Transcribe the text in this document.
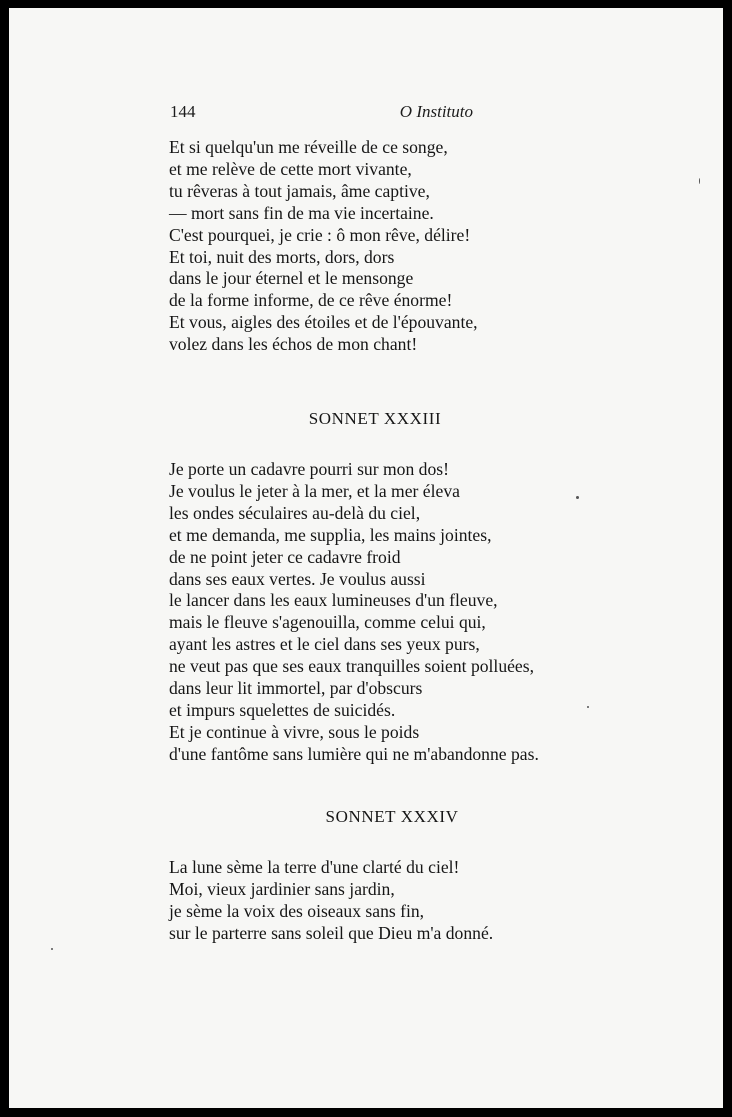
144	O Instituto
Et si quelqu'un me réveille de ce songe,
et me relève de cette mort vivante,
tu rêveras à tout jamais, âme captive,
— mort sans fin de ma vie incertaine.
C'est pourquei, je crie : ô mon rêve, délire!
Et toi, nuit des morts, dors, dors
dans le jour éternel et le mensonge
de la forme informe, de ce rêve énorme!
Et vous, aigles des étoiles et de l'épouvante,
volez dans les échos de mon chant!
SONNET XXXIII
Je porte un cadavre pourri sur mon dos!
Je voulus le jeter à la mer, et la mer éleva
les ondes séculaires au-delà du ciel,
et me demanda, me supplia, les mains jointes,
de ne point jeter ce cadavre froid
dans ses eaux vertes. Je voulus aussi
le lancer dans les eaux lumineuses d'un fleuve,
mais le fleuve s'agenouilla, comme celui qui,
ayant les astres et le ciel dans ses yeux purs,
ne veut pas que ses eaux tranquilles soient polluées,
dans leur lit immortel, par d'obscurs
et impurs squelettes de suicidés.
Et je continue à vivre, sous le poids
d'une fantôme sans lumière qui ne m'abandonne pas.
SONNET XXXIV
La lune sème la terre d'une clarté du ciel!
Moi, vieux jardinier sans jardin,
je sème la voix des oiseaux sans fin,
sur le parterre sans soleil que Dieu m'a donné.
